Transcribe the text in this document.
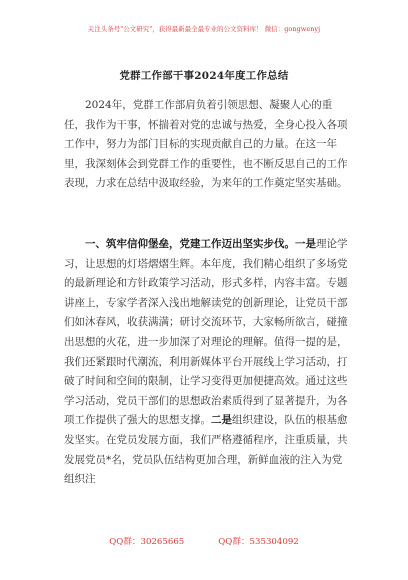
关注头条号"公文研究"，获得最新最全最专业的公文资料库！ 微信：gongwenyj
党群工作部干事2024年度工作总结
2024年，党群工作部肩负着引领思想、凝聚人心的重任，我作为干事，怀揣着对党的忠诚与热爱，全身心投入各项工作中，努力为部门目标的实现贡献自己的力量。在这一年里，我深刻体会到党群工作的重要性，也不断反思自己的工作表现，力求在总结中汲取经验，为来年的工作奠定坚实基础。
一、筑牢信仰堡垒，党建工作迈出坚实步伐。一是理论学习，让思想的灯塔熠熠生辉。本年度，我们精心组织了多场党的最新理论和方针政策学习活动，形式多样，内容丰富。专题讲座上，专家学者深入浅出地解读党的创新理论，让党员干部们如沐春风，收获满满；研讨交流环节，大家畅所欲言，碰撞出思想的火花，进一步加深了对理论的理解。值得一提的是，我们还紧跟时代潮流，利用新媒体平台开展线上学习活动，打破了时间和空间的限制，让学习变得更加便捷高效。通过这些学习活动，党员干部们的思想政治素质得到了显著提升，为各项工作提供了强大的思想支撑。二是组织建设，队伍的根基愈发坚实。在党员发展方面，我们严格遵循程序，注重质量，共发展党员*名，党员队伍结构更加合理，新鲜血液的注入为党组织注
QQ群：30265665	QQ群：535304092
